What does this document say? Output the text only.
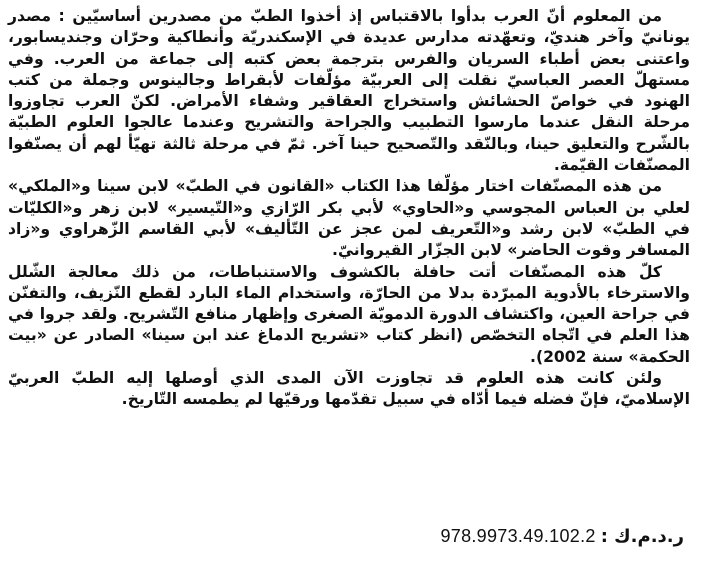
من المعلوم أنّ العرب بدأوا بالاقتباس إذ أخذوا الطبّ من مصدرين أساسيّين : مصدر يونانيّ وآخر هنديّ، وتعهّدته مدارس عديدة في الإسكندريّة وأنطاكية وحرّان وجنديسابور، واعتنى بعض أطباء السريان والفرس بترجمة بعض كتبه إلى جماعة من العرب. وفي مستهلّ العصر العباسيّ نقلت إلى العربيّة مؤلّفات لأبقراط وجالينوس وجملة من كتب الهنود في خواصّ الحشائش واستخراج العقاقير وشفاء الأمراض. لكنّ العرب تجاوزوا مرحلة النقل عندما مارسوا التطبيب والجراحة والتشريح وعندما عالجوا العلوم الطبيّة بالشّرح والتعليق حينا، وبالنّقد والتّصحيح حينا آخر. ثمّ في مرحلة ثالثة تهيّأ لهم أن يصنّفوا المصنّفات القيّمة.

من هذه المصنّفات اختار مؤلّفا هذا الكتاب «القانون في الطبّ» لابن سينا و«الملكي» لعلي بن العباس المجوسي و«الحاوي» لأبي بكر الرّازي و«التّيسير» لابن زهر و«الكليّات في الطبّ» لابن رشد و«التّعريف لمن عجز عن التّأليف» لأبي القاسم الزّهراوي و«زاد المسافر وقوت الحاضر» لابن الجزّار القيروانيّ.

كلّ هذه المصنّفات أتت حافلة بالكشوف والاستنباطات، من ذلك معالجة الشّلل والاسترخاء بالأدوية المبرّدة بدلا من الحارّة، واستخدام الماء البارد لقطع النّزيف، والتفنّن في جراحة العين، واكتشاف الدورة الدمويّة الصغرى وإظهار منافع التّشريح. ولقد جروا في هذا العلم في اتّجاه التخصّص (انظر كتاب «تشريح الدماغ عند ابن سينا» الصادر عن «بيت الحكمة» سنة 2002).

ولئن كانت هذه العلوم قد تجاوزت الآن المدى الذي أوصلها إليه الطبّ العربيّ الإسلاميّ، فإنّ فضله فيما أدّاه في سبيل تقدّمها ورقيّها لم يطمسه التّاريخ.

ر.د.م.ك : 978.9973.49.102.2
